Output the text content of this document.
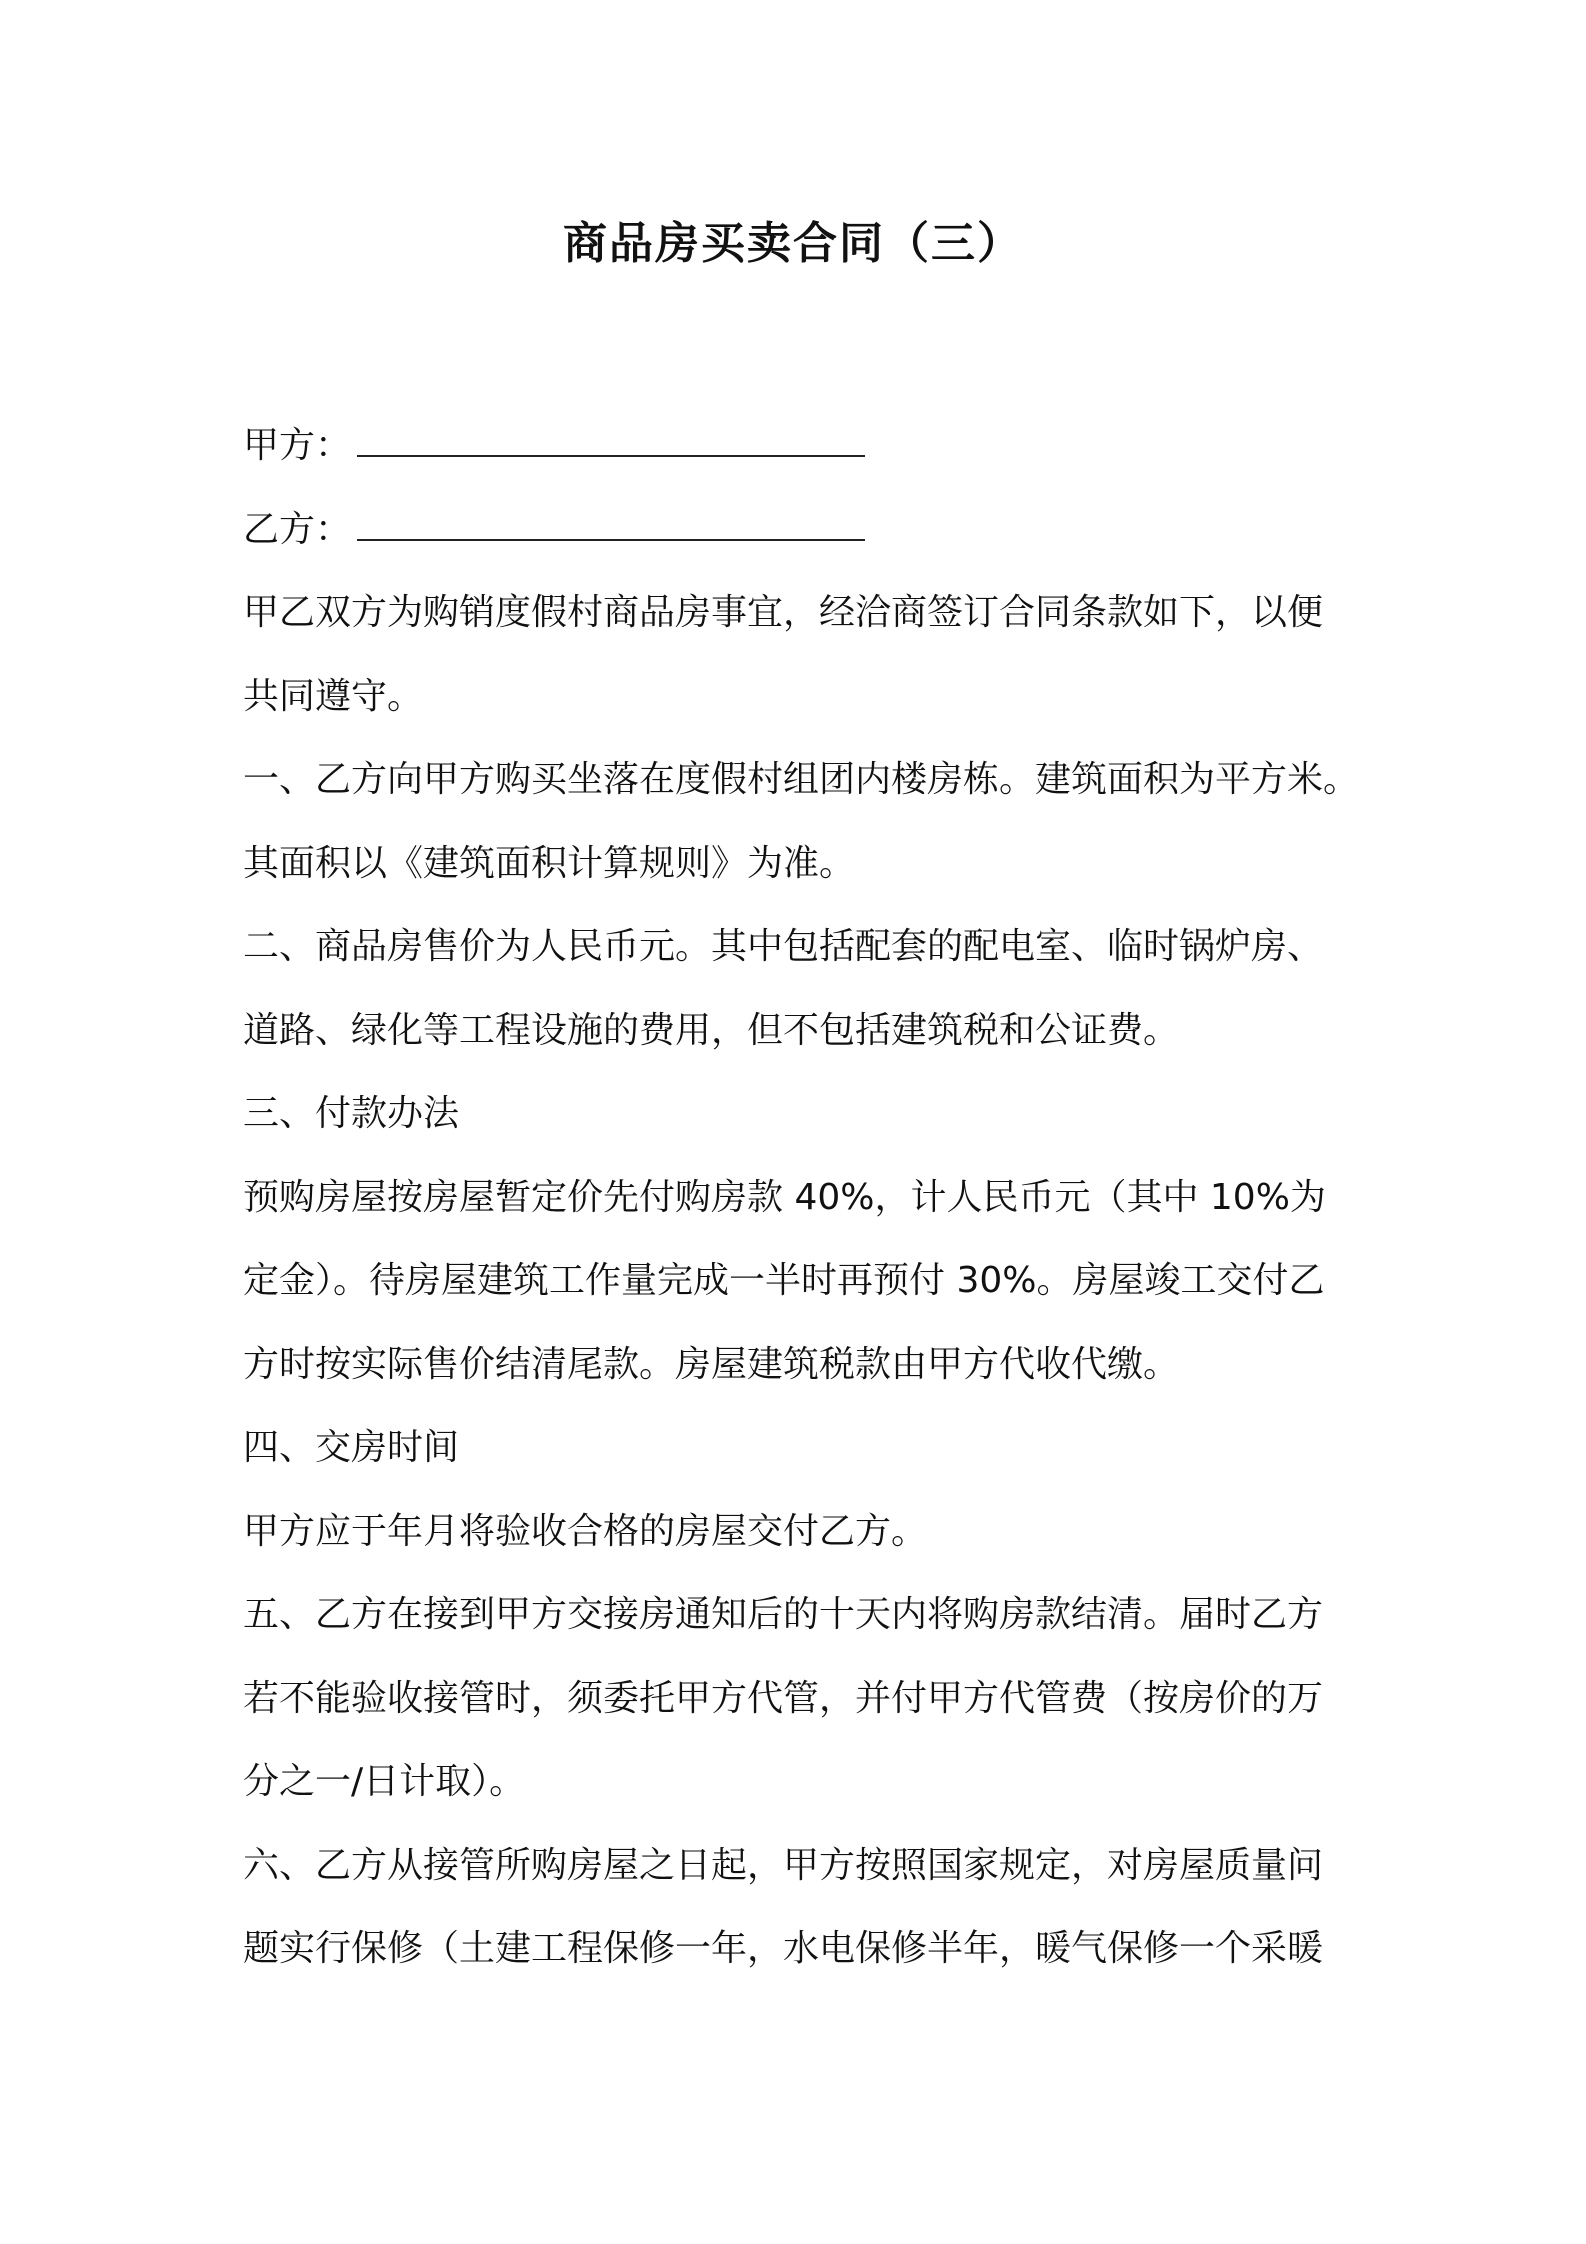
商品房买卖合同（三）
甲方：
乙方：
甲乙双方为购销度假村商品房事宜，经洽商签订合同条款如下，以便
共同遵守。
一、乙方向甲方购买坐落在度假村组团内楼房栋。建筑面积为平方米。
其面积以《建筑面积计算规则》为准。
二、商品房售价为人民币元。其中包括配套的配电室、临时锅炉房、
道路、绿化等工程设施的费用，但不包括建筑税和公证费。
三、付款办法
预购房屋按房屋暂定价先付购房款 40%，计人民币元（其中 10%为
定金）。待房屋建筑工作量完成一半时再预付 30%。房屋竣工交付乙
方时按实际售价结清尾款。房屋建筑税款由甲方代收代缴。
四、交房时间
甲方应于年月将验收合格的房屋交付乙方。
五、乙方在接到甲方交接房通知后的十天内将购房款结清。届时乙方
若不能验收接管时，须委托甲方代管，并付甲方代管费（按房价的万
分之一/日计取）。
六、乙方从接管所购房屋之日起，甲方按照国家规定，对房屋质量问
题实行保修（土建工程保修一年，水电保修半年，暖气保修一个采暖
